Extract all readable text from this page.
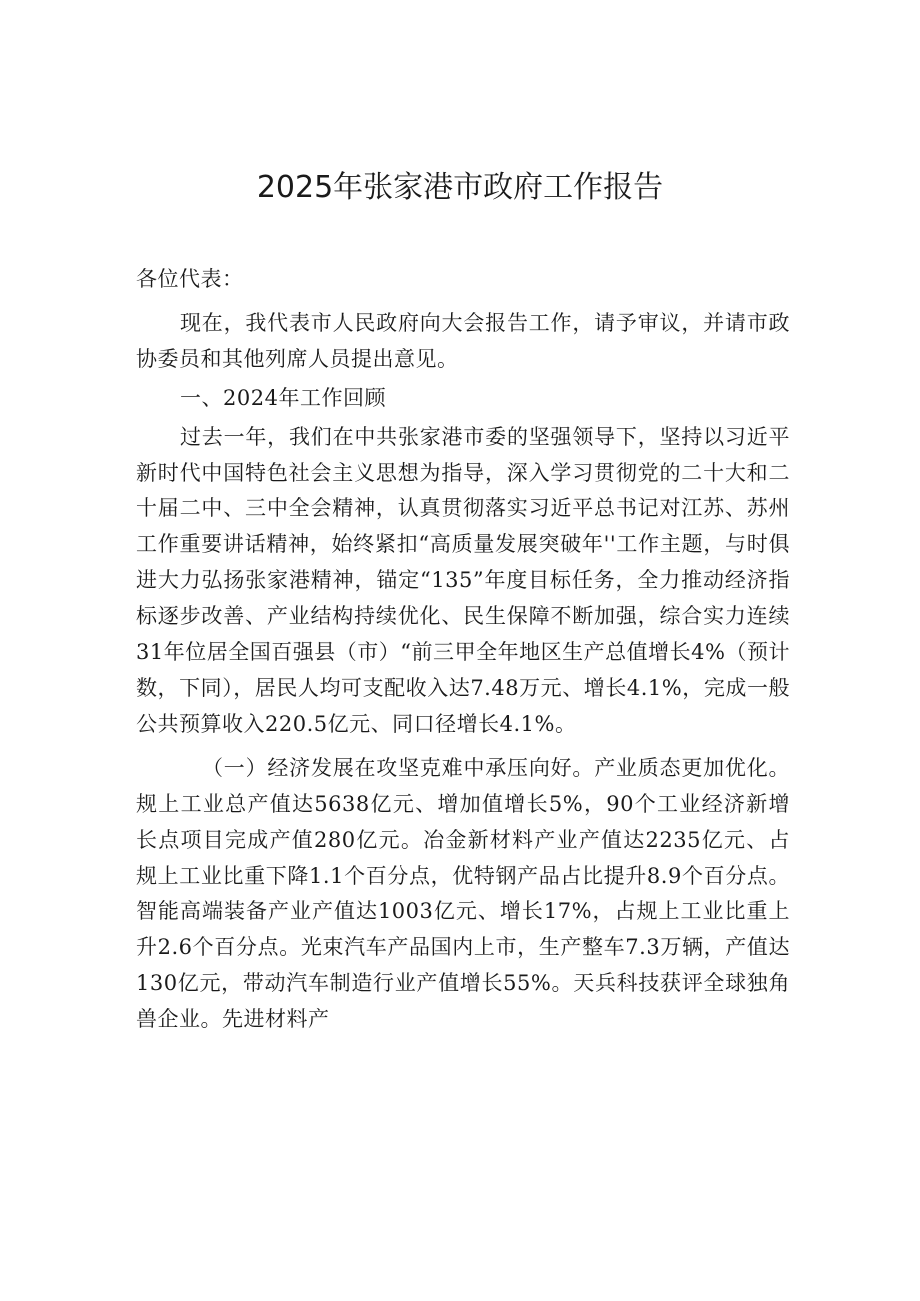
2025年张家港市政府工作报告

各位代表：

现在，我代表市人民政府向大会报告工作，请予审议，并请市政协委员和其他列席人员提出意见。

一、2024年工作回顾

过去一年，我们在中共张家港市委的坚强领导下，坚持以习近平新时代中国特色社会主义思想为指导，深入学习贯彻党的二十大和二十届二中、三中全会精神，认真贯彻落实习近平总书记对江苏、苏州工作重要讲话精神，始终紧扣“高质量发展突破年''工作主题，与时俱进大力弘扬张家港精神，锚定“135”年度目标任务，全力推动经济指标逐步改善、产业结构持续优化、民生保障不断加强，综合实力连续31年位居全国百强县（市）“前三甲全年地区生产总值增长4%（预计数，下同），居民人均可支配收入达7.48万元、增长4.1%，完成一般公共预算收入220.5亿元、同口径增长4.1%。

（一）经济发展在攻坚克难中承压向好。产业质态更加优化。规上工业总产值达5638亿元、增加值增长5%，90个工业经济新增长点项目完成产值280亿元。冶金新材料产业产值达2235亿元、占规上工业比重下降1.1个百分点，优特钢产品占比提升8.9个百分点。智能高端装备产业产值达1003亿元、增长17%，占规上工业比重上升2.6个百分点。光束汽车产品国内上市，生产整车7.3万辆，产值达130亿元，带动汽车制造行业产值增长55%。天兵科技获评全球独角兽企业。先进材料产
